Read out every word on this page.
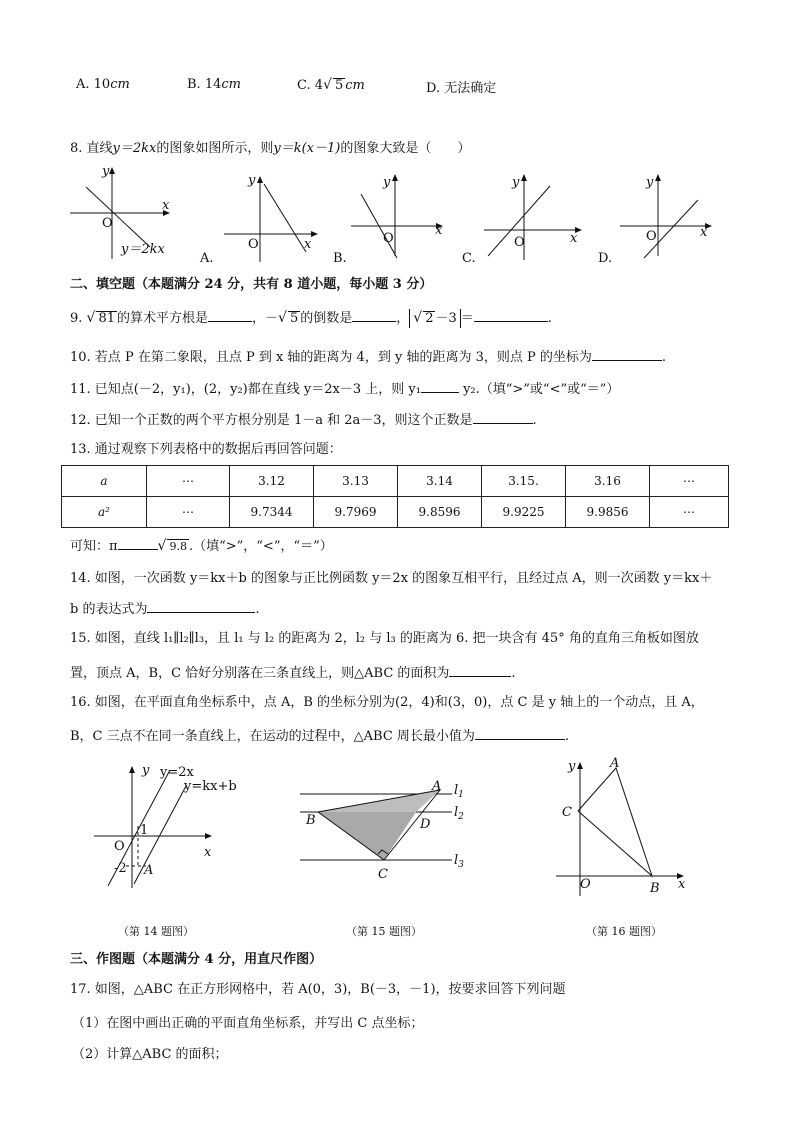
A. 10cm	B. 14cm	C. 4√ 5 cm	D. 无法确定
8. 直线y＝2kx的图象如图所示，则y＝k(x－1)的图象大致是（　　）
x
y
O
y＝2kx
y
O	x
A.
y
O
x
B.
y
O	x
C.
y
O	x
D.
二、填空题（本题满分 24 分，共有 8 道小题，每小题 3 分）
9. √ 81 的算术平方根是	，－√ 5 的倒数是	， √ 2 －3 ＝	.
10. 若点 P 在第二象限，且点 P 到 x 轴的距离为 4，到 y 轴的距离为 3，则点 P 的坐标为	.
11. 已知点(－2，y₁)，(2，y₂)都在直线 y＝2x－3 上，则 y₁	y₂.（填“>”或“<”或“＝”）
12. 已知一个正数的两个平方根分别是 1－a 和 2a－3，则这个正数是	.
13. 通过观察下列表格中的数据后再回答问题：
a	⋯	3.12	3.13	3.14	3.15.	3.16	⋯
a²	⋯	9.7344	9.7969	9.8596	9.9225	9.9856	⋯
可知：π	√ 9.8 .（填“>”，“<”，“＝”）
14. 如图，一次函数 y＝kx＋b 的图象与正比例函数 y＝2x 的图象互相平行，且经过点 A，则一次函数 y＝kx＋
b 的表达式为	.
15. 如图，直线 l₁∥l₂∥l₃，且 l₁ 与 l₂ 的距离为 2，l₂ 与 l₃ 的距离为 6. 把一块含有 45° 角的直角三角板如图放
置，顶点 A，B，C 恰好分别落在三条直线上，则△ABC 的面积为	.
16. 如图，在平面直角坐标系中，点 A，B 的坐标分别为(2，4)和(3，0)，点 C 是 y 轴上的一个动点，且 A，
B，C 三点不在同一条直线上，在运动的过程中，△ABC 周长最小值为	.
y y=2x
y=kx+b
1
O	x
-2 A
（第 14 题图）
A
B	D
C
$l_1$
$l_2$
$l_3$
（第 15 题图）
y	A
C
O	B x
（第 16 题图）
三、作图题（本题满分 4 分，用直尺作图）
17. 如图，△ABC 在正方形网格中，若 A(0，3)，B(－3，－1)，按要求回答下列问题
（1）在图中画出正确的平面直角坐标系，并写出 C 点坐标；
（2）计算△ABC 的面积；
